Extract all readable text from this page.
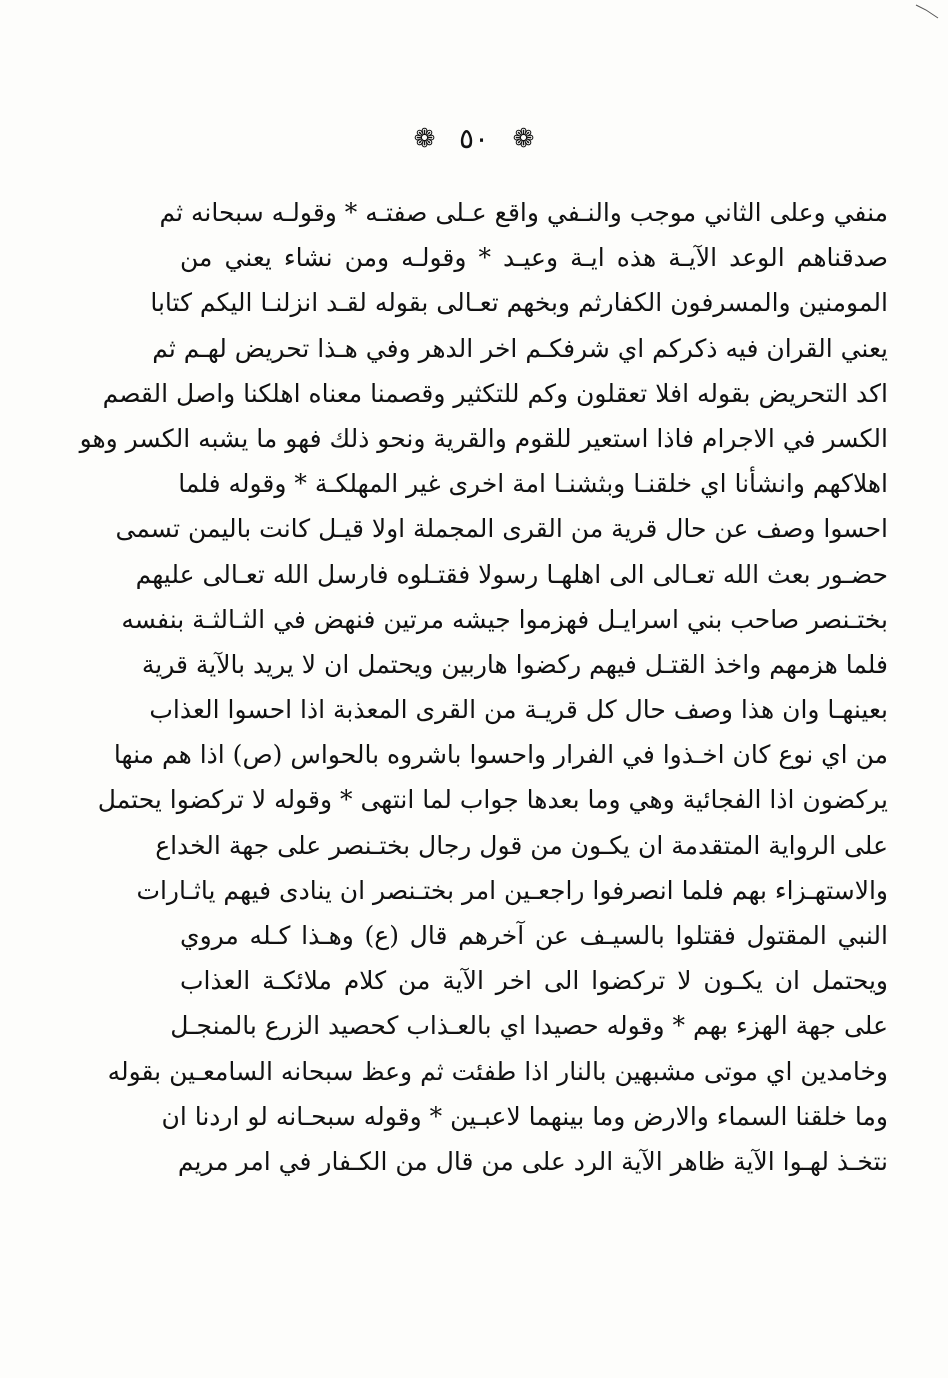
❁ ٥٠ ❁
منفي وعلى الثاني موجب والنـفي واقع عـلى صفتـه * وقولـه سبحانه ثم
صدقناهم الوعد الآيـة هذه ايـة وعيـد * وقولـه ومن نشاء يعني من
المومنين والمسرفون الكفارثم وبخهم تعـالى بقوله لقـد انزلنـا اليكم كتابا
يعني القران فيه ذكركم اي شرفكـم اخر الدهر وفي هـذا تحريض لهـم ثم
اكد التحريض بقوله افلا تعقلون وكم للتكثير وقصمنا معناه اهلكنا واصل القصم
الكسر في الاجرام فاذا استعير للقوم والقرية ونحو ذلك فهو ما يشبه الكسر وهو
اهلاكهم وانشأنا اي خلقنـا وبثشنـا امة اخرى غير المهلكـة * وقوله فلما
احسوا وصف عن حال قرية من القرى المجملة اولا قيـل كانت باليمن تسمى
حضـور بعث الله تعـالى الى اهلهـا رسولا فقتـلوه فارسل الله تعـالى عليهم
بختـنصر صاحب بني اسرايـل فهزموا جيشه مرتين فنهض في الثـالثـة بنفسه
فلما هزمهم واخذ القتـل فيهم ركضوا هاربين ويحتمل ان لا يريد بالآية قرية
بعينهـا وان هذا وصف حال كل قريـة من القرى المعذبة اذا احسوا العذاب
من اي نوع كان اخـذوا في الفرار واحسوا باشروه بالحواس (ص) اذا هم منها
يركضون اذا الفجائية وهي وما بعدها جواب لما انتهى * وقوله لا تركضوا يحتمل
على الرواية المتقدمة ان يكـون من قول رجال بختـنصر على جهة الخداع
والاستهـزاء بهم فلما انصرفوا راجعـين امر بختـنصر ان ينادى فيهم ياثـارات
النبي المقتول فقتلوا بالسيـف عن آخرهم قال (ع) وهـذا كـله مروي
ويحتمل ان يكـون لا تركضوا الى اخر الآية من كلام ملائكـة العذاب
على جهة الهزء بهم * وقوله حصيدا اي بالعـذاب كحصيد الزرع بالمنجـل
وخامدين اي موتى مشبهين بالنار اذا طفئت ثم وعظ سبحانه السامعـين بقوله
وما خلقنا السماء والارض وما بينهما لاعبـين * وقوله سبحـانه لو اردنا ان
نتخـذ لهـوا الآية ظاهر الآية الرد على من قال من الكـفار في امر مريم
